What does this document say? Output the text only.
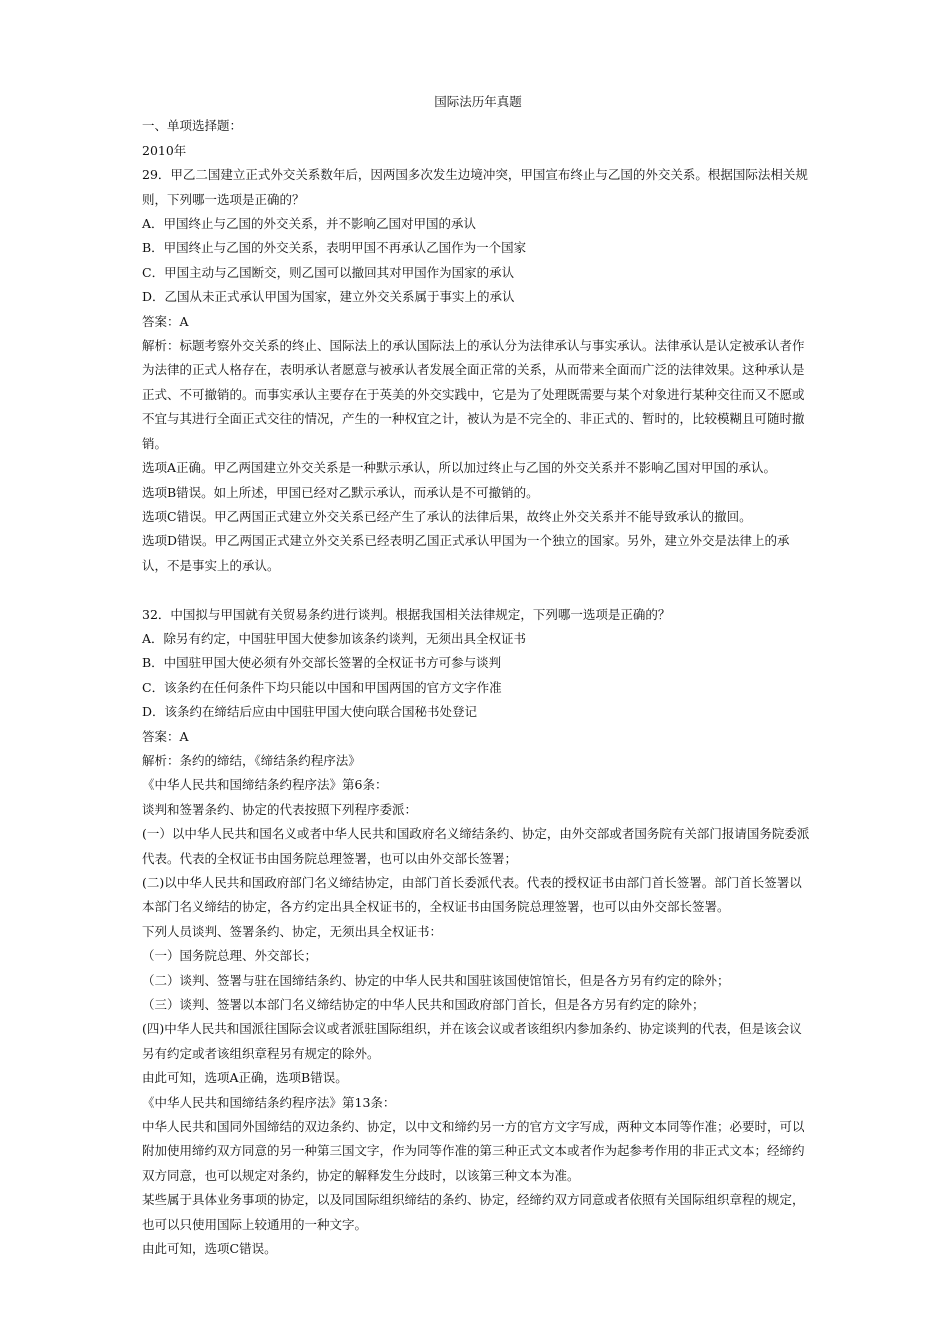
国际法历年真题

一、单项选择题：

2010年

29．甲乙二国建立正式外交关系数年后，因两国多次发生边境冲突，甲国宣布终止与乙国的外交关系。根据国际法相关规则，下列哪一选项是正确的？

A．甲国终止与乙国的外交关系，并不影响乙国对甲国的承认

B．甲国终止与乙国的外交关系，表明甲国不再承认乙国作为一个国家

C．甲国主动与乙国断交，则乙国可以撤回其对甲国作为国家的承认

D．乙国从未正式承认甲国为国家，建立外交关系属于事实上的承认

答案：A

解析：标题考察外交关系的终止、国际法上的承认国际法上的承认分为法律承认与事实承认。法律承认是认定被承认者作为法律的正式人格存在，表明承认者愿意与被承认者发展全面正常的关系，从而带来全面而广泛的法律效果。这种承认是正式、不可撤销的。而事实承认主要存在于英美的外交实践中，它是为了处理既需要与某个对象进行某种交往而又不愿或不宜与其进行全面正式交往的情况，产生的一种权宜之计，被认为是不完全的、非正式的、暂时的，比较模糊且可随时撤销。

选项A正确。甲乙两国建立外交关系是一种默示承认，所以加过终止与乙国的外交关系并不影响乙国对甲国的承认。

选项B错误。如上所述，甲国已经对乙默示承认，而承认是不可撤销的。

选项C错误。甲乙两国正式建立外交关系已经产生了承认的法律后果，故终止外交关系并不能导致承认的撤回。

选项D错误。甲乙两国正式建立外交关系已经表明乙国正式承认甲国为一个独立的国家。另外，建立外交是法律上的承认，不是事实上的承认。

32．中国拟与甲国就有关贸易条约进行谈判。根据我国相关法律规定，下列哪一选项是正确的？

A．除另有约定，中国驻甲国大使参加该条约谈判，无须出具全权证书

B．中国驻甲国大使必须有外交部长签署的全权证书方可参与谈判

C．该条约在任何条件下均只能以中国和甲国两国的官方文字作准

D．该条约在缔结后应由中国驻甲国大使向联合国秘书处登记

答案：A

解析：条约的缔结，《缔结条约程序法》

《中华人民共和国缔结条约程序法》第6条：

谈判和签署条约、协定的代表按照下列程序委派：

(一）以中华人民共和国名义或者中华人民共和国政府名义缔结条约、协定，由外交部或者国务院有关部门报请国务院委派代表。代表的全权证书由国务院总理签署，也可以由外交部长签署；

(二)以中华人民共和国政府部门名义缔结协定，由部门首长委派代表。代表的授权证书由部门首长签署。部门首长签署以本部门名义缔结的协定，各方约定出具全权证书的，全权证书由国务院总理签署，也可以由外交部长签署。

下列人员谈判、签署条约、协定，无须出具全权证书：

（一）国务院总理、外交部长；

（二）谈判、签署与驻在国缔结条约、协定的中华人民共和国驻该国使馆馆长，但是各方另有约定的除外；

（三）谈判、签署以本部门名义缔结协定的中华人民共和国政府部门首长，但是各方另有约定的除外；

(四)中华人民共和国派往国际会议或者派驻国际组织，并在该会议或者该组织内参加条约、协定谈判的代表，但是该会议另有约定或者该组织章程另有规定的除外。

由此可知，选项A正确，选项B错误。

《中华人民共和国缔结条约程序法》第13条：

中华人民共和国同外国缔结的双边条约、协定，以中文和缔约另一方的官方文字写成，两种文本同等作准；必要时，可以附加使用缔约双方同意的另一种第三国文字，作为同等作准的第三种正式文本或者作为起参考作用的非正式文本；经缔约双方同意，也可以规定对条约，协定的解释发生分歧时，以该第三种文本为准。

某些属于具体业务事项的协定，以及同国际组织缔结的条约、协定，经缔约双方同意或者依照有关国际组织章程的规定，也可以只使用国际上较通用的一种文字。

由此可知，选项C错误。
